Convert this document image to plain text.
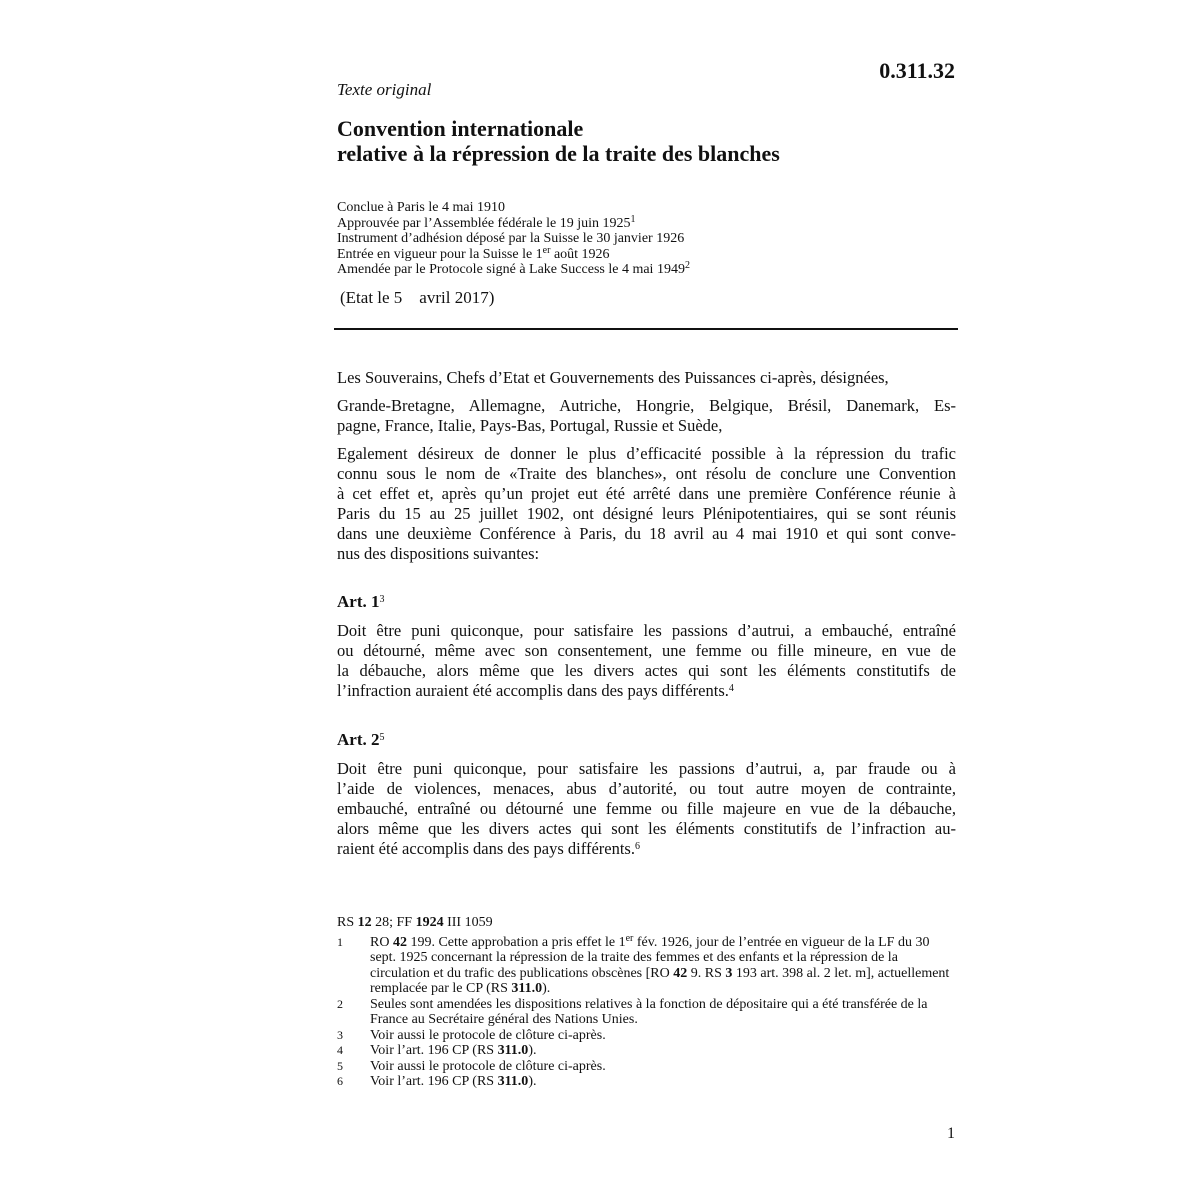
0.311.32
Texte original
Convention internationale
relative à la répression de la traite des blanches
Conclue à Paris le 4 mai 1910
Approuvée par l’Assemblée fédérale le 19 juin 1925$^1$
Instrument d’adhésion déposé par la Suisse le 30 janvier 1926
Entrée en vigueur pour la Suisse le 1er août 1926
Amendée par le Protocole signé à Lake Success le 4 mai 1949$^2$
(Etat le 5    avril 2017)
Les Souverains, Chefs d’Etat et Gouvernements des Puissances ci-après, désignées,
Grande-Bretagne, Allemagne, Autriche, Hongrie, Belgique, Brésil, Danemark, Es-
pagne, France, Italie, Pays-Bas, Portugal, Russie et Suède,
Egalement désireux de donner le plus d’efficacité possible à la répression du trafic
connu sous le nom de «Traite des blanches», ont résolu de conclure une Convention
à cet effet et, après qu’un projet eut été arrêté dans une première Conférence réunie à
Paris du 15 au 25 juillet 1902, ont désigné leurs Plénipotentiaires, qui se sont réunis
dans une deuxième Conférence à Paris, du 18 avril au 4 mai 1910 et qui sont conve-
nus des dispositions suivantes:
Art. $1^3$
Doit être puni quiconque, pour satisfaire les passions d’autrui, a embauché, entraîné
ou détourné, même avec son consentement, une femme ou fille mineure, en vue de
la débauche, alors même que les divers actes qui sont les éléments constitutifs de
l’infraction auraient été accomplis dans des pays différents.$^4$
Art. $2^5$
Doit être puni quiconque, pour satisfaire les passions d’autrui, a, par fraude ou à
l’aide de violences, menaces, abus d’autorité, ou tout autre moyen de contrainte,
embauché, entraîné ou détourné une femme ou fille majeure en vue de la débauche,
alors même que les divers actes qui sont les éléments constitutifs de l’infraction au-
raient été accomplis dans des pays différents.$^6$
RS 12 28; FF 1924 III 1059
1	RO 42 199. Cette approbation a pris effet le 1er fév. 1926, jour de l’entrée en vigueur de la LF du 30 sept. 1925 concernant la répression de la traite des femmes et des enfants et la répression de la circulation et du trafic des publications obscènes [RO 42 9. RS 3 193 art. 398 al. 2 let. m], actuellement remplacée par le CP (RS 311.0).
2	Seules sont amendées les dispositions relatives à la fonction de dépositaire qui a été transférée de la France au Secrétaire général des Nations Unies.
3	Voir aussi le protocole de clôture ci-après.
4	Voir l’art. 196 CP (RS 311.0).
5	Voir aussi le protocole de clôture ci-après.
6	Voir l’art. 196 CP (RS 311.0).
1
